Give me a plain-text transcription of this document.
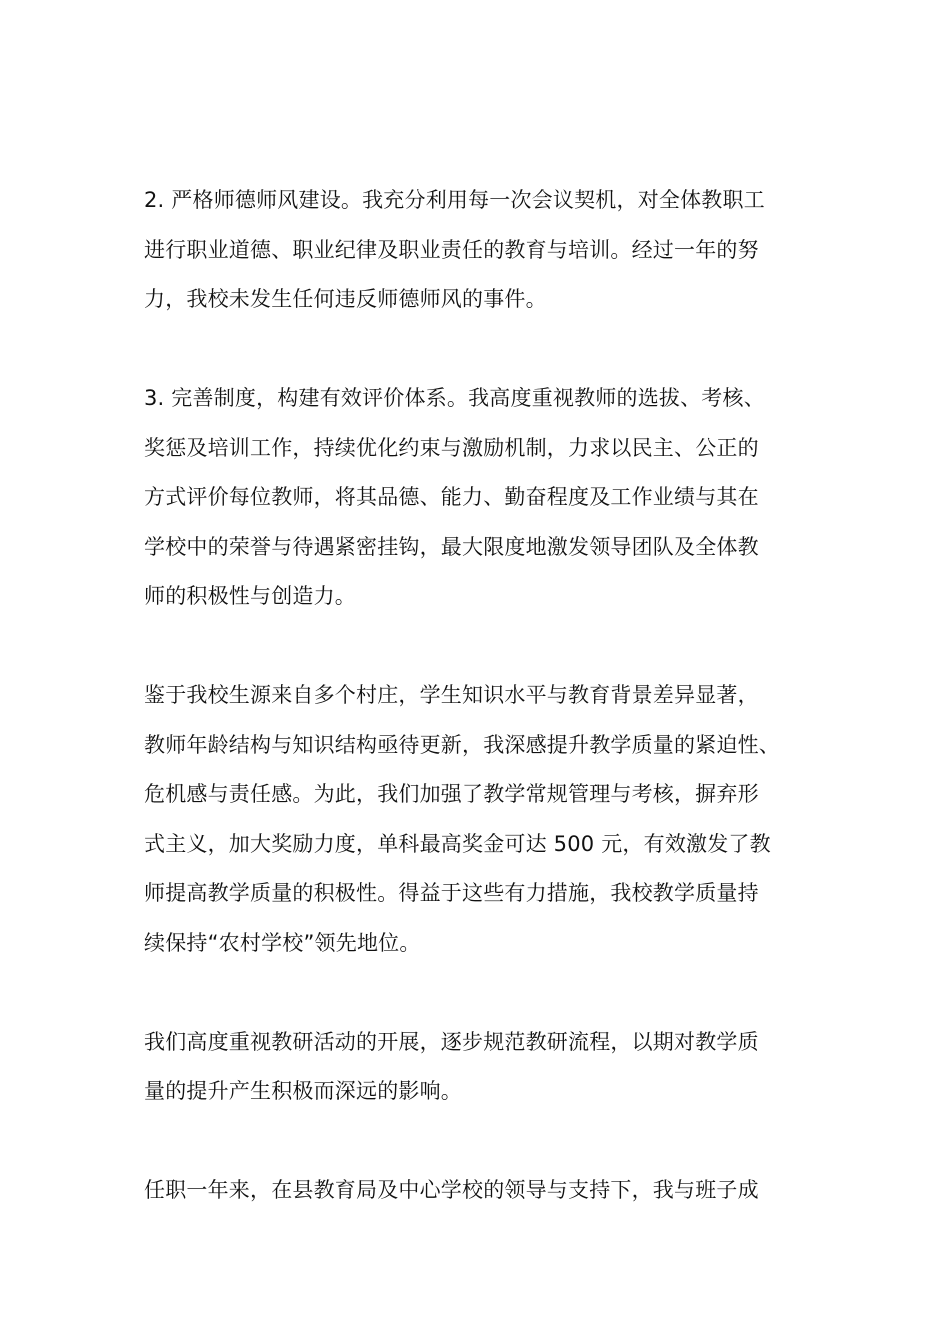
2. 严格师德师风建设。我充分利用每一次会议契机，对全体教职工
进行职业道德、职业纪律及职业责任的教育与培训。经过一年的努
力，我校未发生任何违反师德师风的事件。

3. 完善制度，构建有效评价体系。我高度重视教师的选拔、考核、
奖惩及培训工作，持续优化约束与激励机制，力求以民主、公正的
方式评价每位教师，将其品德、能力、勤奋程度及工作业绩与其在
学校中的荣誉与待遇紧密挂钩，最大限度地激发领导团队及全体教
师的积极性与创造力。

鉴于我校生源来自多个村庄，学生知识水平与教育背景差异显著，
教师年龄结构与知识结构亟待更新，我深感提升教学质量的紧迫性、
危机感与责任感。为此，我们加强了教学常规管理与考核，摒弃形
式主义，加大奖励力度，单科最高奖金可达 500 元，有效激发了教
师提高教学质量的积极性。得益于这些有力措施，我校教学质量持
续保持“农村学校”领先地位。

我们高度重视教研活动的开展，逐步规范教研流程，以期对教学质
量的提升产生积极而深远的影响。

任职一年来，在县教育局及中心学校的领导与支持下，我与班子成
